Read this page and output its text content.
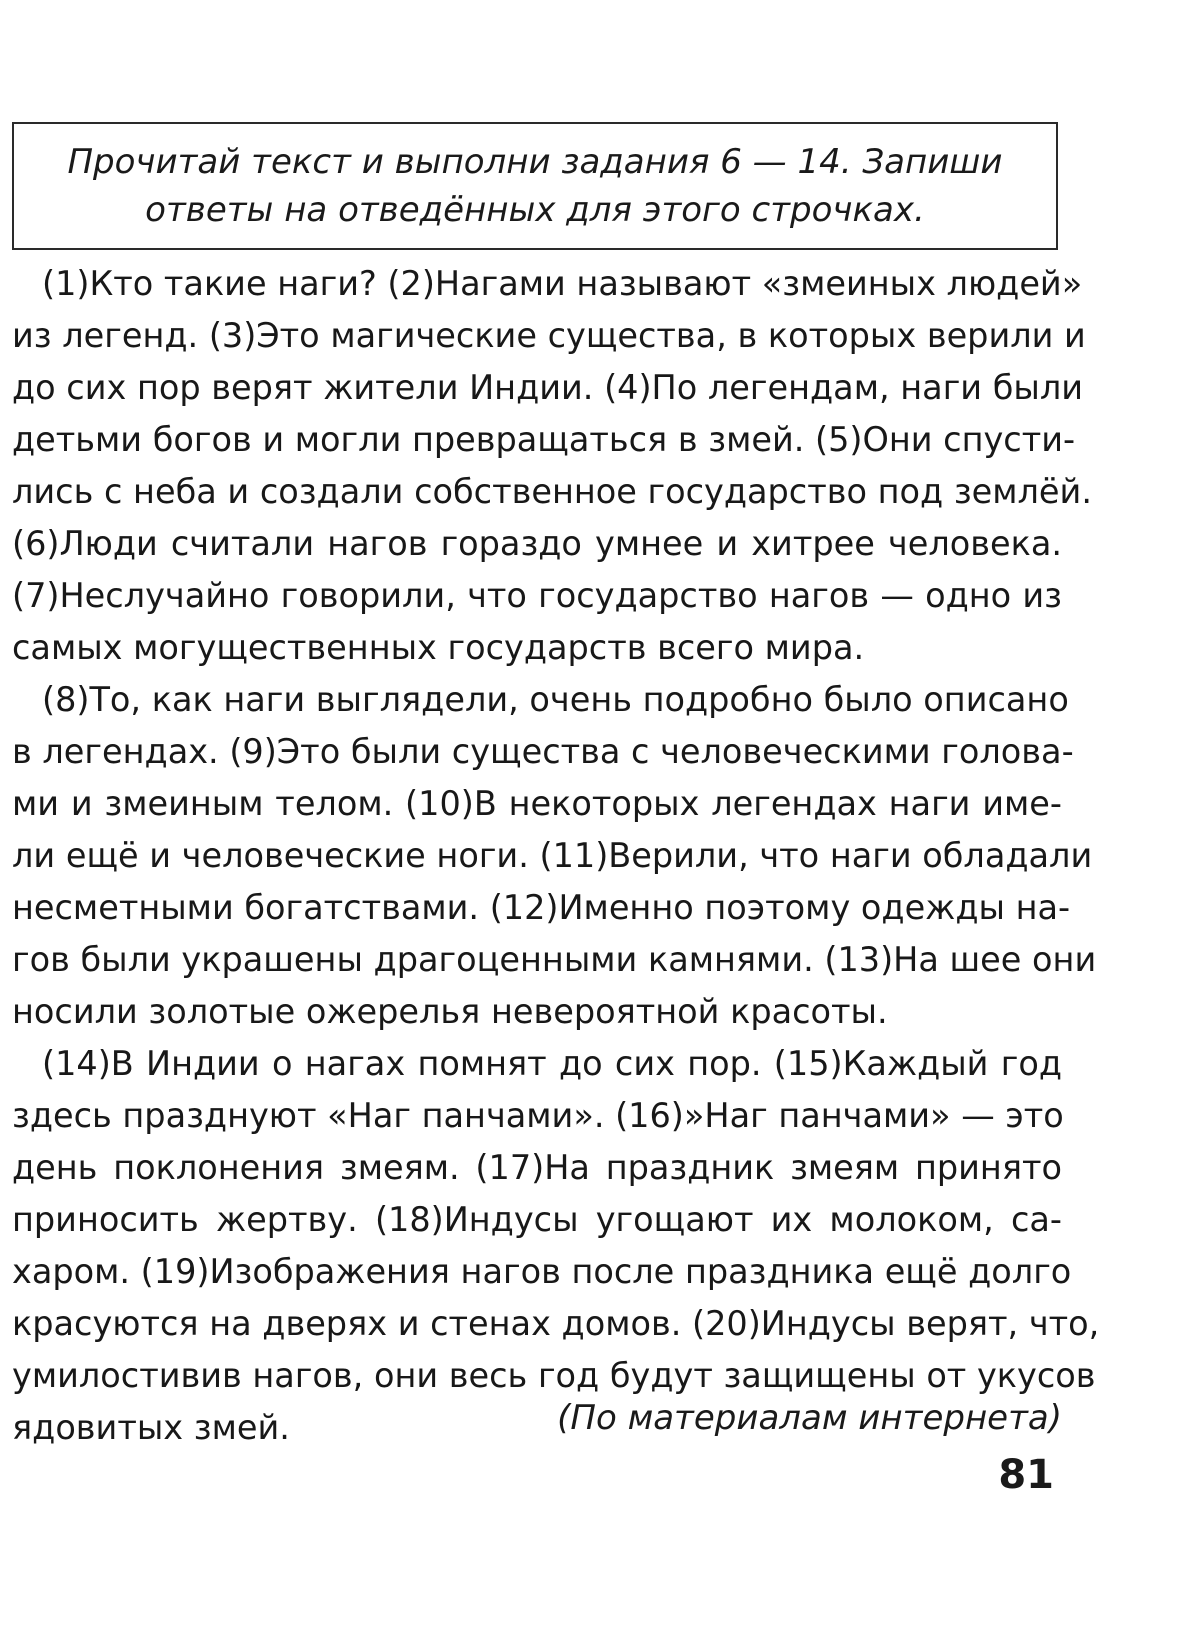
Прочитай текст и выполни задания 6 — 14. Запиши
ответы на отведённых для этого строчках.

(1)Кто такие наги? (2)Нагами называют «змеиных людей»
из легенд. (3)Это магические существа, в которых верили и
до сих пор верят жители Индии. (4)По легендам, наги были
детьми богов и могли превращаться в змей. (5)Они спусти-
лись с неба и создали собственное государство под землёй.
(6)Люди считали нагов гораздо умнее и хитрее человека.
(7)Неслучайно говорили, что государство нагов — одно из
самых могущественных государств всего мира.

(8)То, как наги выглядели, очень подробно было описано
в легендах. (9)Это были существа с человеческими голова-
ми и змеиным телом. (10)В некоторых легендах наги име-
ли ещё и человеческие ноги. (11)Верили, что наги обладали
несметными богатствами. (12)Именно поэтому одежды на-
гов были украшены драгоценными камнями. (13)На шее они
носили золотые ожерелья невероятной красоты.

(14)В Индии о нагах помнят до сих пор. (15)Каждый год
здесь празднуют «Наг панчами». (16)»Наг панчами» — это
день поклонения змеям. (17)На праздник змеям принято
приносить жертву. (18)Индусы угощают их молоком, са-
харом. (19)Изображения нагов после праздника ещё долго
красуются на дверях и стенах домов. (20)Индусы верят, что,
умилостивив нагов, они весь год будут защищены от укусов
ядовитых змей.	(По материалам интернета)
81
